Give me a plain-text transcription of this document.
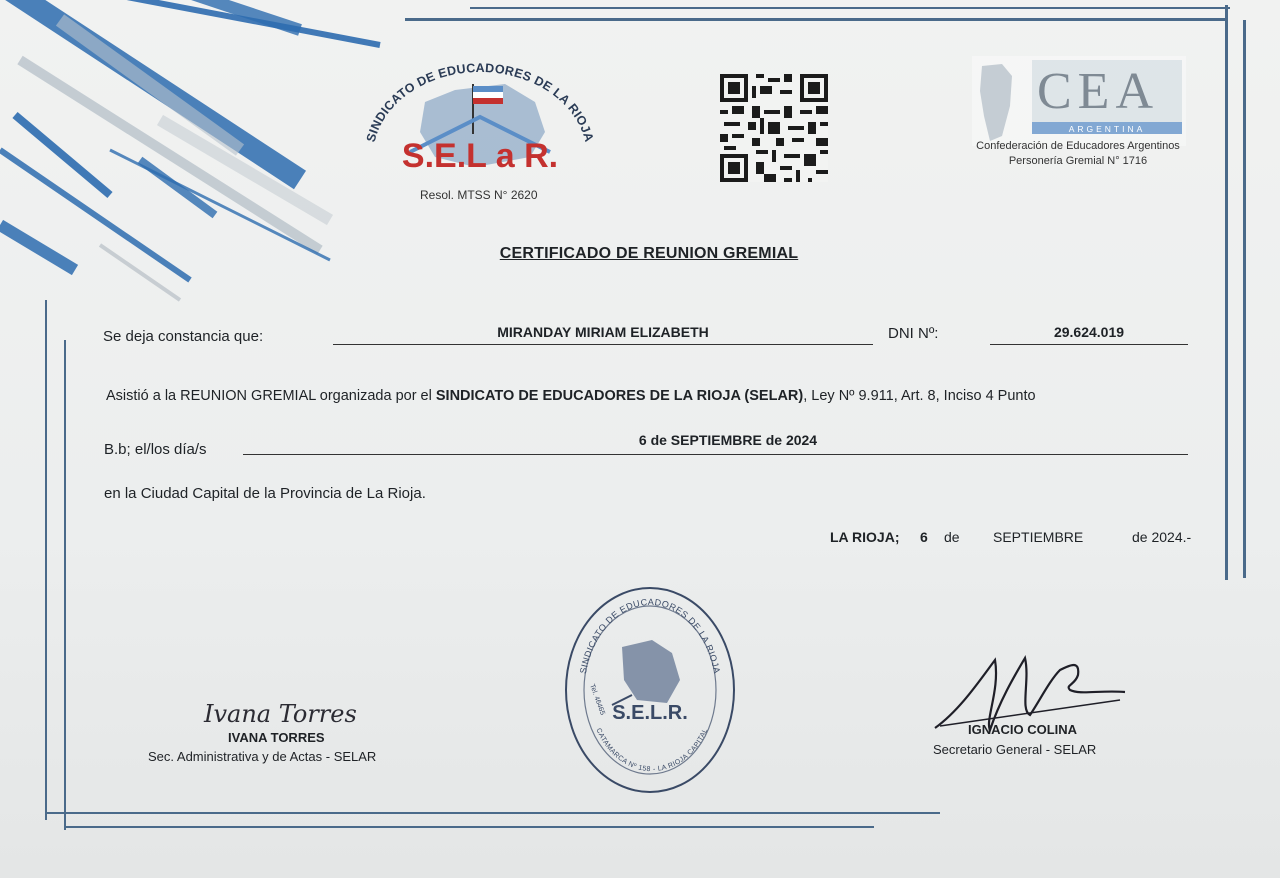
SINDICATO DE EDUCADORES DE LA RIOJA
S.E.L a R.
Resol. MTSS N° 2620
CEA
ARGENTINA
Confederación de Educadores Argentinos
Personería Gremial N° 1716
CERTIFICADO DE REUNION GREMIAL
Se deja constancia que:	MIRANDAY MIRIAM ELIZABETH	DNI Nº:	29.624.019
Asistió a la REUNION GREMIAL organizada por el SINDICATO DE EDUCADORES DE LA RIOJA (SELAR), Ley Nº 9.911, Art. 8, Inciso 4 Punto
B.b; el/los día/s
6 de SEPTIEMBRE de 2024
en la Ciudad Capital de la Provincia de La Rioja.
LA RIOJA; 6 de SEPTIEMBRE	de 2024.-
SINDICATO DE EDUCADORES DE LA RIOJA
CATAMARCA Nº 158 - LA RIOJA CAPITAL
S.E.L.R.
Tel. 46465
Ivana Torres
IVANA TORRES
Sec. Administrativa y de Actas - SELAR
IGNACIO COLINA
Secretario General - SELAR
